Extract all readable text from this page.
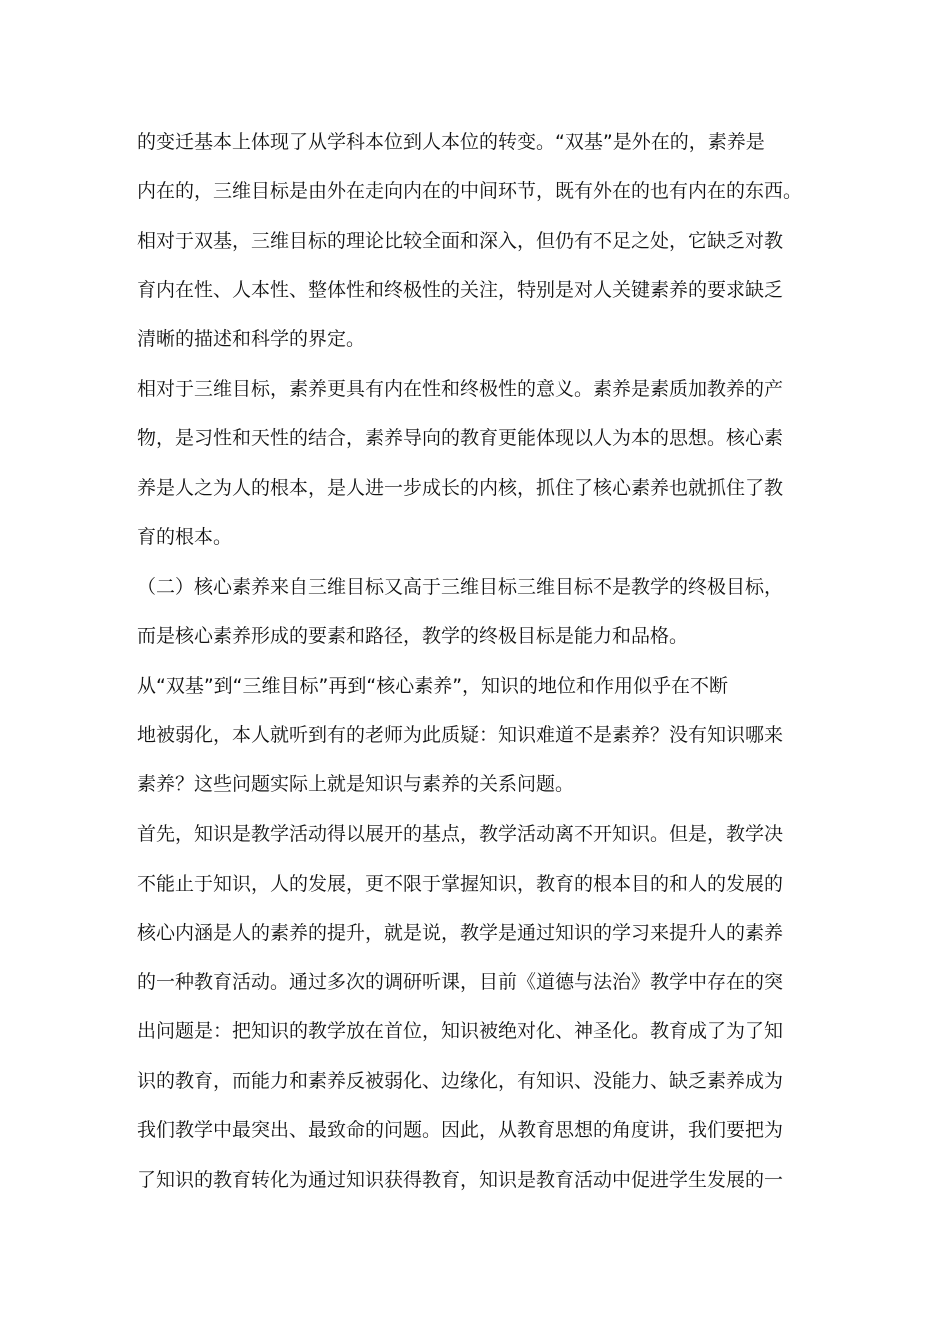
的变迁基本上体现了从学科本位到人本位的转变。“双基”是外在的，素养是
内在的，三维目标是由外在走向内在的中间环节，既有外在的也有内在的东西。
相对于双基，三维目标的理论比较全面和深入，但仍有不足之处，它缺乏对教
育内在性、人本性、整体性和终极性的关注，特别是对人关键素养的要求缺乏
清晰的描述和科学的界定。
相对于三维目标，素养更具有内在性和终极性的意义。素养是素质加教养的产
物，是习性和天性的结合，素养导向的教育更能体现以人为本的思想。核心素
养是人之为人的根本，是人进一步成长的内核，抓住了核心素养也就抓住了教
育的根本。
（二）核心素养来自三维目标又高于三维目标三维目标不是教学的终极目标，
而是核心素养形成的要素和路径，教学的终极目标是能力和品格。
从“双基”到“三维目标”再到“核心素养”，知识的地位和作用似乎在不断
地被弱化，本人就听到有的老师为此质疑：知识难道不是素养？没有知识哪来
素养？这些问题实际上就是知识与素养的关系问题。
首先，知识是教学活动得以展开的基点，教学活动离不开知识。但是，教学决
不能止于知识，人的发展，更不限于掌握知识，教育的根本目的和人的发展的
核心内涵是人的素养的提升，就是说，教学是通过知识的学习来提升人的素养
的一种教育活动。通过多次的调研听课，目前《道德与法治》教学中存在的突
出问题是：把知识的教学放在首位，知识被绝对化、神圣化。教育成了为了知
识的教育，而能力和素养反被弱化、边缘化，有知识、没能力、缺乏素养成为
我们教学中最突出、最致命的问题。因此，从教育思想的角度讲，我们要把为
了知识的教育转化为通过知识获得教育，知识是教育活动中促进学生发展的一
